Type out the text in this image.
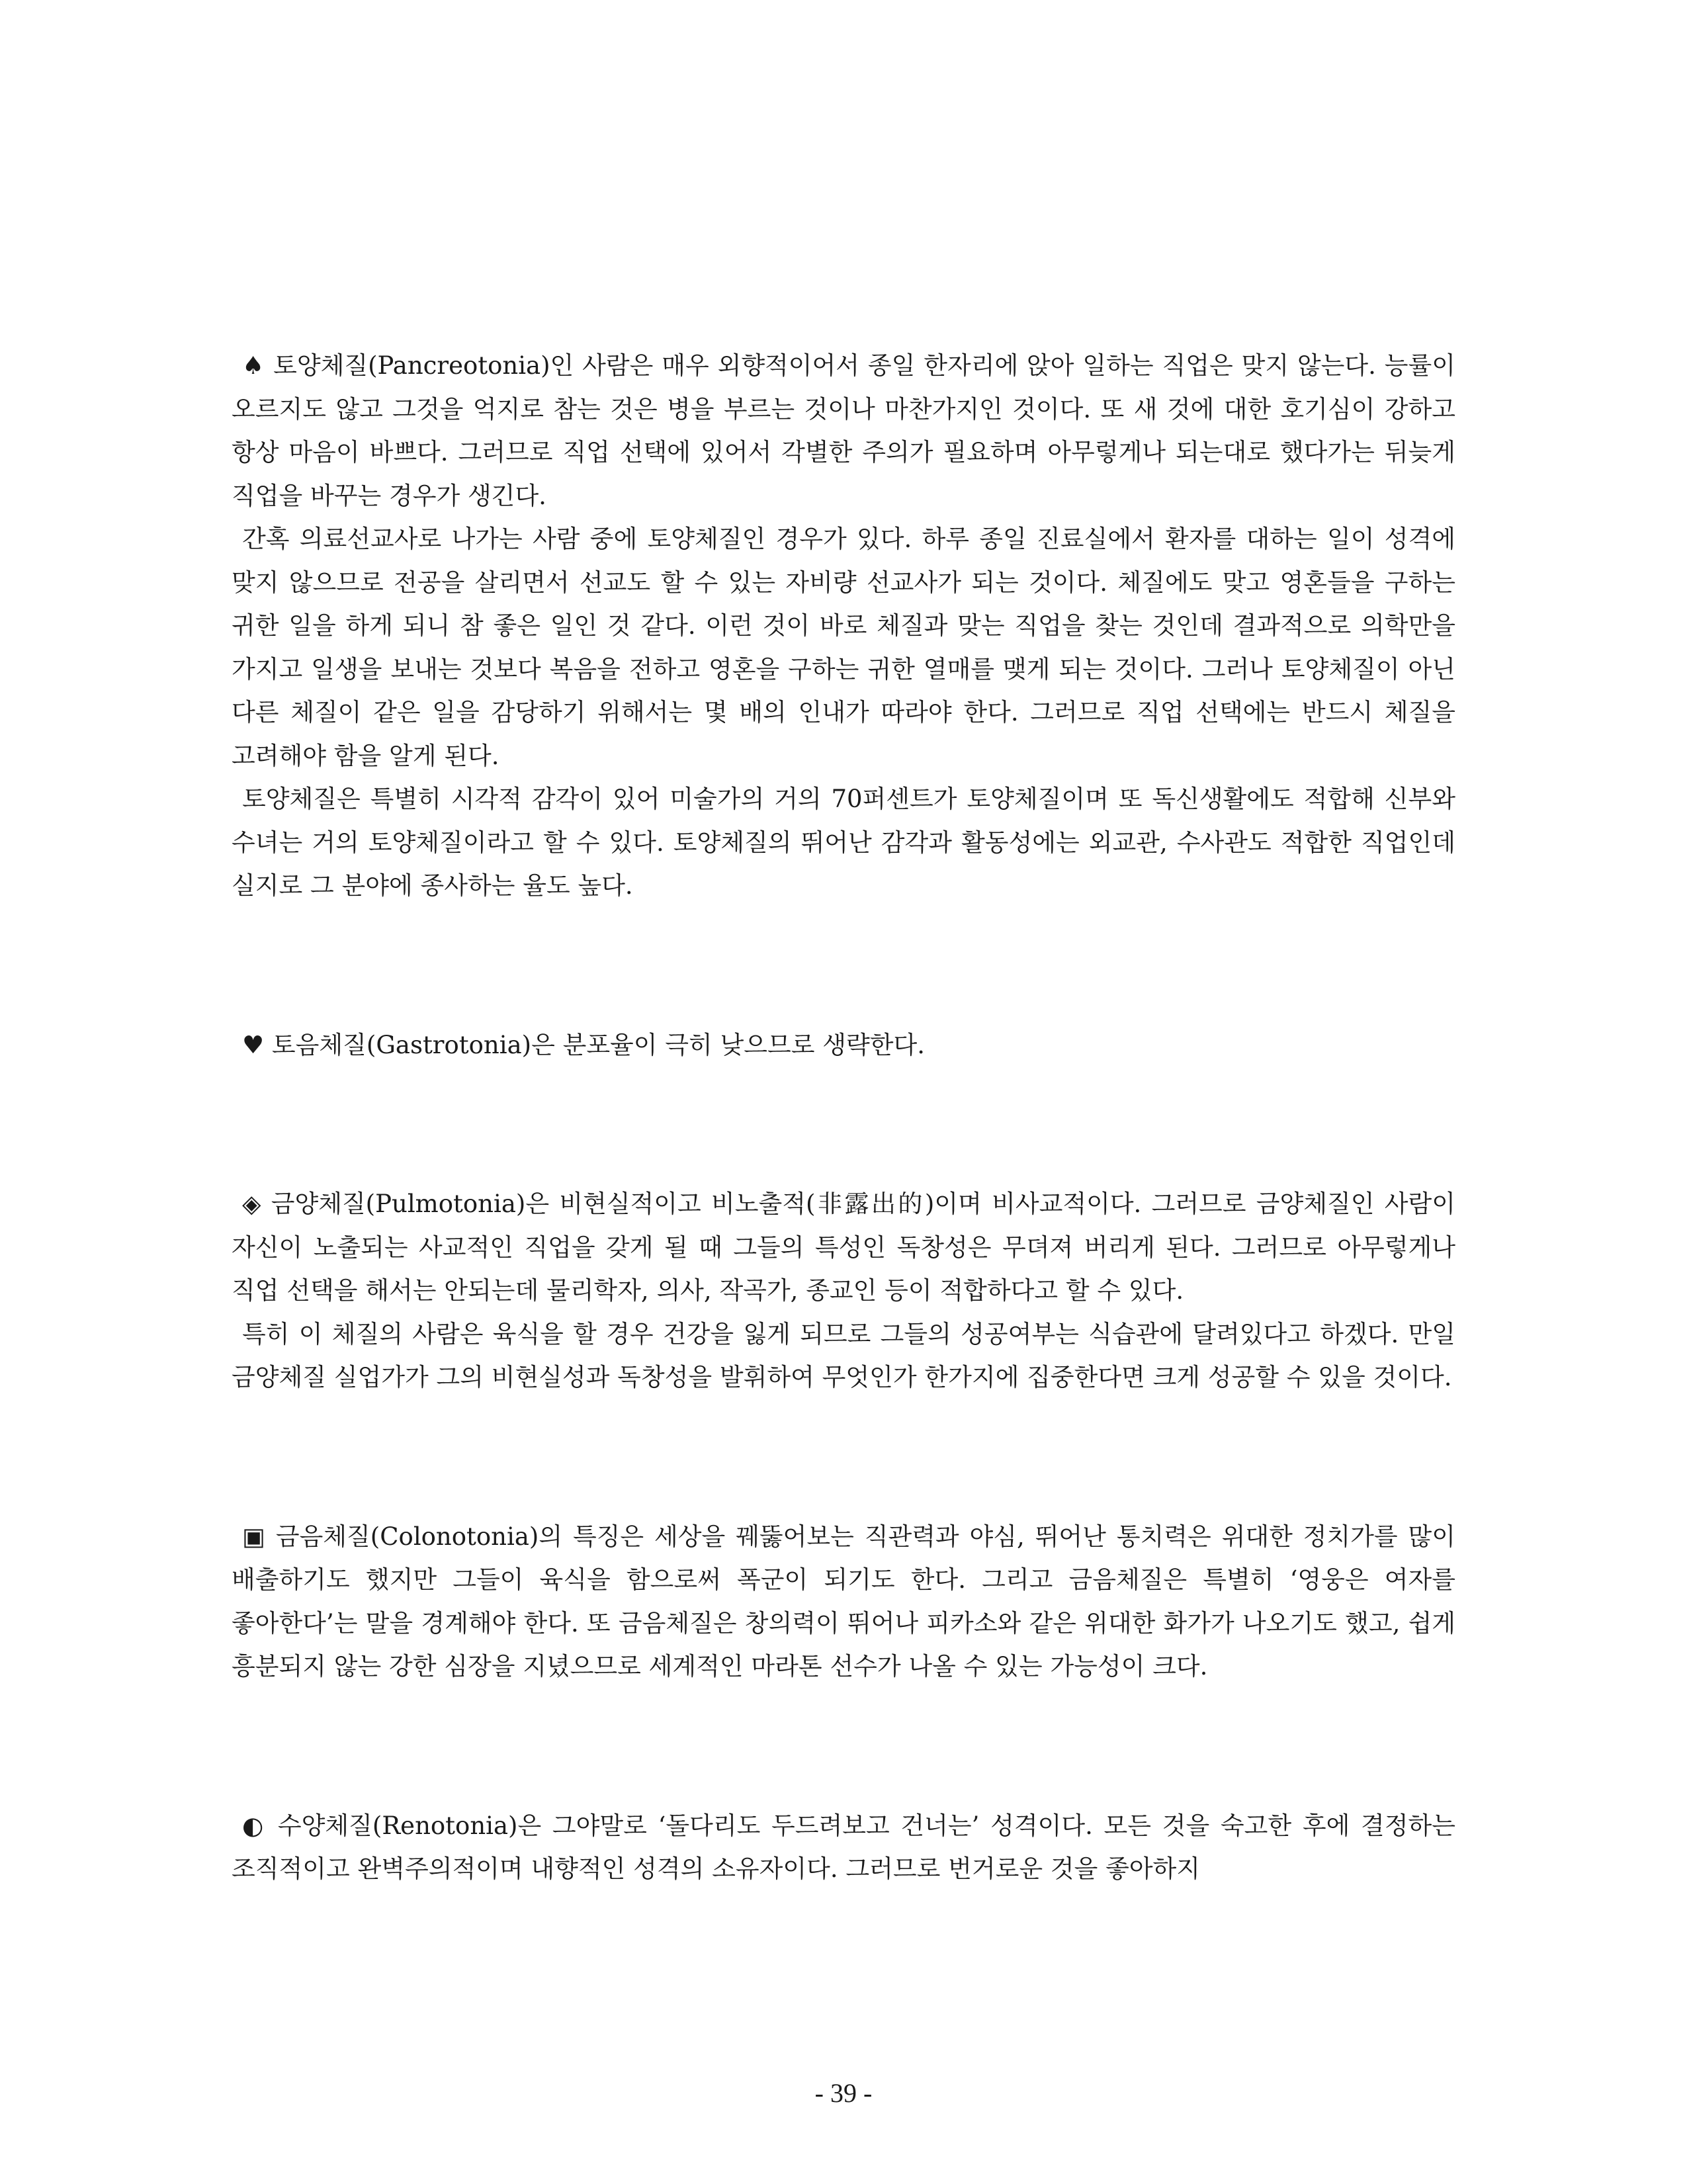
♠ 토양체질(Pancreotonia)인 사람은 매우 외향적이어서 종일 한자리에 앉아 일하는 직업은 맞지 않는다. 능률이 오르지도 않고 그것을 억지로 참는 것은 병을 부르는 것이나 마찬가지인 것이다. 또 새 것에 대한 호기심이 강하고 항상 마음이 바쁘다. 그러므로 직업 선택에 있어서 각별한 주의가 필요하며 아무렇게나 되는대로 했다가는 뒤늦게 직업을 바꾸는 경우가 생긴다.

간혹 의료선교사로 나가는 사람 중에 토양체질인 경우가 있다. 하루 종일 진료실에서 환자를 대하는 일이 성격에 맞지 않으므로 전공을 살리면서 선교도 할 수 있는 자비량 선교사가 되는 것이다. 체질에도 맞고 영혼들을 구하는 귀한 일을 하게 되니 참 좋은 일인 것 같다. 이런 것이 바로 체질과 맞는 직업을 찾는 것인데 결과적으로 의학만을 가지고 일생을 보내는 것보다 복음을 전하고 영혼을 구하는 귀한 열매를 맺게 되는 것이다. 그러나 토양체질이 아닌 다른 체질이 같은 일을 감당하기 위해서는 몇 배의 인내가 따라야 한다. 그러므로 직업 선택에는 반드시 체질을 고려해야 함을 알게 된다.

토양체질은 특별히 시각적 감각이 있어 미술가의 거의 70퍼센트가 토양체질이며 또 독신생활에도 적합해 신부와 수녀는 거의 토양체질이라고 할 수 있다. 토양체질의 뛰어난 감각과 활동성에는 외교관, 수사관도 적합한 직업인데 실지로 그 분야에 종사하는 율도 높다.

♥ 토음체질(Gastrotonia)은 분포율이 극히 낮으므로 생략한다.

◈ 금양체질(Pulmotonia)은 비현실적이고 비노출적(非露出的)이며 비사교적이다. 그러므로 금양체질인 사람이 자신이 노출되는 사교적인 직업을 갖게 될 때 그들의 특성인 독창성은 무뎌져 버리게 된다. 그러므로 아무렇게나 직업 선택을 해서는 안되는데 물리학자, 의사, 작곡가, 종교인 등이 적합하다고 할 수 있다.

특히 이 체질의 사람은 육식을 할 경우 건강을 잃게 되므로 그들의 성공여부는 식습관에 달려있다고 하겠다. 만일 금양체질 실업가가 그의 비현실성과 독창성을 발휘하여 무엇인가 한가지에 집중한다면 크게 성공할 수 있을 것이다.

▣ 금음체질(Colonotonia)의 특징은 세상을 꿰뚫어보는 직관력과 야심, 뛰어난 통치력은 위대한 정치가를 많이 배출하기도 했지만 그들이 육식을 함으로써 폭군이 되기도 한다. 그리고 금음체질은 특별히 ‘영웅은 여자를 좋아한다’는 말을 경계해야 한다. 또 금음체질은 창의력이 뛰어나 피카소와 같은 위대한 화가가 나오기도 했고, 쉽게 흥분되지 않는 강한 심장을 지녔으므로 세계적인 마라톤 선수가 나올 수 있는 가능성이 크다.

◐ 수양체질(Renotonia)은 그야말로 ‘돌다리도 두드려보고 건너는’ 성격이다. 모든 것을 숙고한 후에 결정하는 조직적이고 완벽주의적이며 내향적인 성격의 소유자이다. 그러므로 번거로운 것을 좋아하지

- 39 -
